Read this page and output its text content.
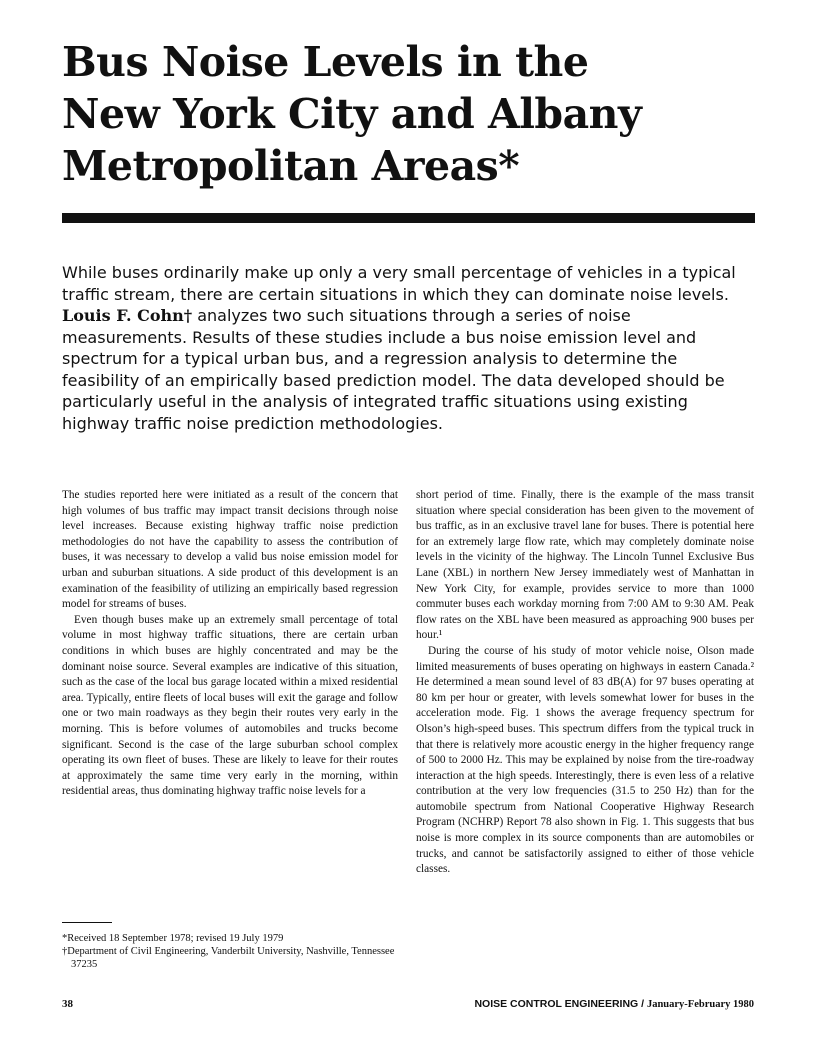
Bus Noise Levels in the
New York City and Albany
Metropolitan Areas*
While buses ordinarily make up only a very small percentage of vehicles in a typical
traffic stream, there are certain situations in which they can dominate noise levels.
Louis F. Cohn† analyzes two such situations through a series of noise
measurements. Results of these studies include a bus noise emission level and
spectrum for a typical urban bus, and a regression analysis to determine the
feasibility of an empirically based prediction model. The data developed should be
particularly useful in the analysis of integrated traffic situations using existing
highway traffic noise prediction methodologies.

The studies reported here were initiated as a result of the concern that high volumes of bus traffic may impact transit decisions through noise level increases. Because existing highway traffic noise prediction methodologies do not have the capability to assess the contribution of buses, it was necessary to develop a valid bus noise emission model for urban and suburban situations. A side product of this development is an examination of the feasibility of utilizing an empirically based regression model for streams of buses.

Even though buses make up an extremely small percentage of total volume in most highway traffic situations, there are certain urban conditions in which buses are highly concentrated and may be the dominant noise source. Several examples are indicative of this situation, such as the case of the local bus garage located within a mixed residential area. Typically, entire fleets of local buses will exit the garage and follow one or two main roadways as they begin their routes very early in the morning. This is before volumes of automobiles and trucks become significant. Second is the case of the large suburban school complex operating its own fleet of buses. These are likely to leave for their routes at approximately the same time very early in the morning, within residential areas, thus dominating highway traffic noise levels for a

short period of time. Finally, there is the example of the mass transit situation where special consideration has been given to the movement of bus traffic, as in an exclusive travel lane for buses. There is potential here for an extremely large flow rate, which may completely dominate noise levels in the vicinity of the highway. The Lincoln Tunnel Exclusive Bus Lane (XBL) in northern New Jersey immediately west of Manhattan in New York City, for example, provides service to more than 1000 commuter buses each workday morning from 7:00 AM to 9:30 AM. Peak flow rates on the XBL have been measured as approaching 900 buses per hour.¹

During the course of his study of motor vehicle noise, Olson made limited measurements of buses operating on highways in eastern Canada.² He determined a mean sound level of 83 dB(A) for 97 buses operating at 80 km per hour or greater, with levels somewhat lower for buses in the acceleration mode. Fig. 1 shows the average frequency spectrum for Olson’s high-speed buses. This spectrum differs from the typical truck in that there is relatively more acoustic energy in the higher frequency range of 500 to 2000 Hz. This may be explained by noise from the tire-roadway interaction at the high speeds. Interestingly, there is even less of a relative contribution at the very low frequencies (31.5 to 250 Hz) than for the automobile spectrum from National Cooperative Highway Research Program (NCHRP) Report 78 also shown in Fig. 1. This suggests that bus noise is more complex in its source components than are automobiles or trucks, and cannot be satisfactorily assigned to either of those vehicle classes.

*Received 18 September 1978; revised 19 July 1979

†Department of Civil Engineering, Vanderbilt University, Nashville, Tennessee 37235

38	NOISE CONTROL ENGINEERING / January-February 1980
